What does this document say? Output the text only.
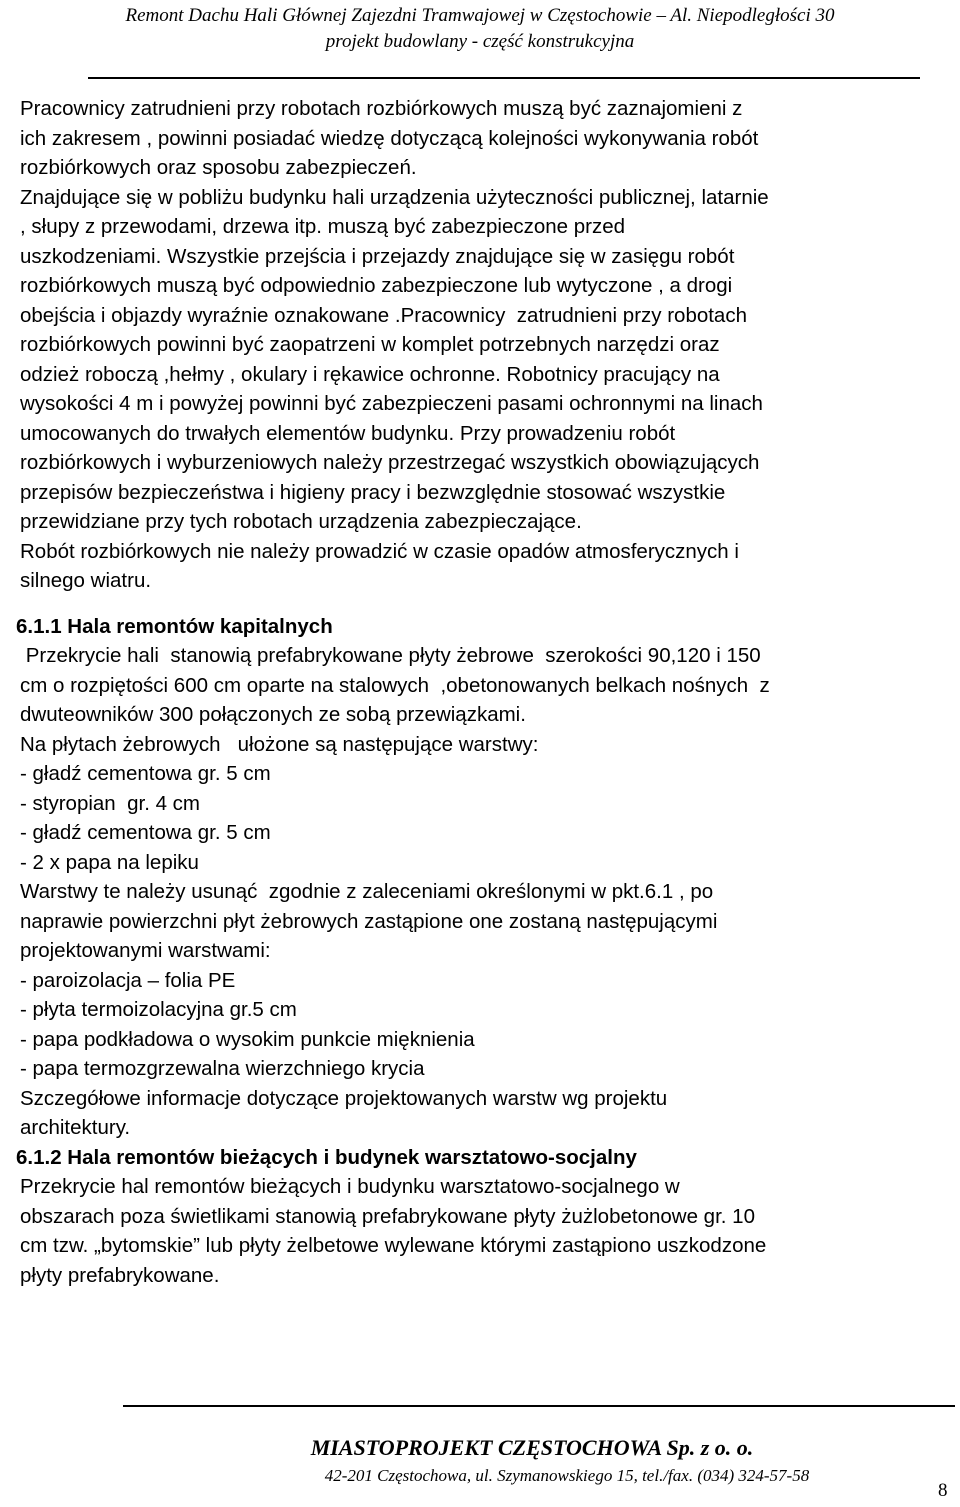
Remont Dachu Hali Głównej Zajezdni Tramwajowej w Częstochowie – Al. Niepodległości 30
projekt budowlany - część konstrukcyjna
Pracownicy zatrudnieni przy robotach rozbiórkowych muszą być zaznajomieni z
ich zakresem , powinni posiadać wiedzę dotyczącą kolejności wykonywania robót
rozbiórkowych oraz sposobu zabezpieczeń.
Znajdujące się w pobliżu budynku hali urządzenia użyteczności publicznej, latarnie
, słupy z przewodami, drzewa itp. muszą być zabezpieczone przed
uszkodzeniami. Wszystkie przejścia i przejazdy znajdujące się w zasięgu robót
rozbiórkowych muszą być odpowiednio zabezpieczone lub wytyczone , a drogi
obejścia i objazdy wyraźnie oznakowane .Pracownicy  zatrudnieni przy robotach
rozbiórkowych powinni być zaopatrzeni w komplet potrzebnych narzędzi oraz
odzież roboczą ,hełmy , okulary i rękawice ochronne. Robotnicy pracujący na
wysokości 4 m i powyżej powinni być zabezpieczeni pasami ochronnymi na linach
umocowanych do trwałych elementów budynku. Przy prowadzeniu robót
rozbiórkowych i wyburzeniowych należy przestrzegać wszystkich obowiązujących
przepisów bezpieczeństwa i higieny pracy i bezwzględnie stosować wszystkie
przewidziane przy tych robotach urządzenia zabezpieczające.
Robót rozbiórkowych nie należy prowadzić w czasie opadów atmosferycznych i
silnego wiatru.
6.1.1 Hala remontów kapitalnych
Przekrycie hali  stanowią prefabrykowane płyty żebrowe  szerokości 90,120 i 150
cm o rozpiętości 600 cm oparte na stalowych  ,obetonowanych belkach nośnych  z
dwuteowników 300 połączonych ze sobą przewiązkami.
Na płytach żebrowych   ułożone są następujące warstwy:
- gładź cementowa gr. 5 cm
- styropian  gr. 4 cm
- gładź cementowa gr. 5 cm
- 2 x papa na lepiku
Warstwy te należy usunąć  zgodnie z zaleceniami określonymi w pkt.6.1 , po
naprawie powierzchni płyt żebrowych zastąpione one zostaną następującymi
projektowanymi warstwami:
- paroizolacja – folia PE
- płyta termoizolacyjna gr.5 cm
- papa podkładowa o wysokim punkcie mięknienia
- papa termozgrzewalna wierzchniego krycia
Szczegółowe informacje dotyczące projektowanych warstw wg projektu
architektury.
6.1.2 Hala remontów bieżących i budynek warsztatowo-socjalny
Przekrycie hal remontów bieżących i budynku warsztatowo-socjalnego w
obszarach poza świetlikami stanowią prefabrykowane płyty żużlobetonowe gr. 10
cm tzw. „bytomskie” lub płyty żelbetowe wylewane którymi zastąpiono uszkodzone
płyty prefabrykowane.
MIASTOPROJEKT CZĘSTOCHOWA Sp. z o. o.
42-201 Częstochowa, ul. Szymanowskiego 15, tel./fax. (034) 324-57-58
8
